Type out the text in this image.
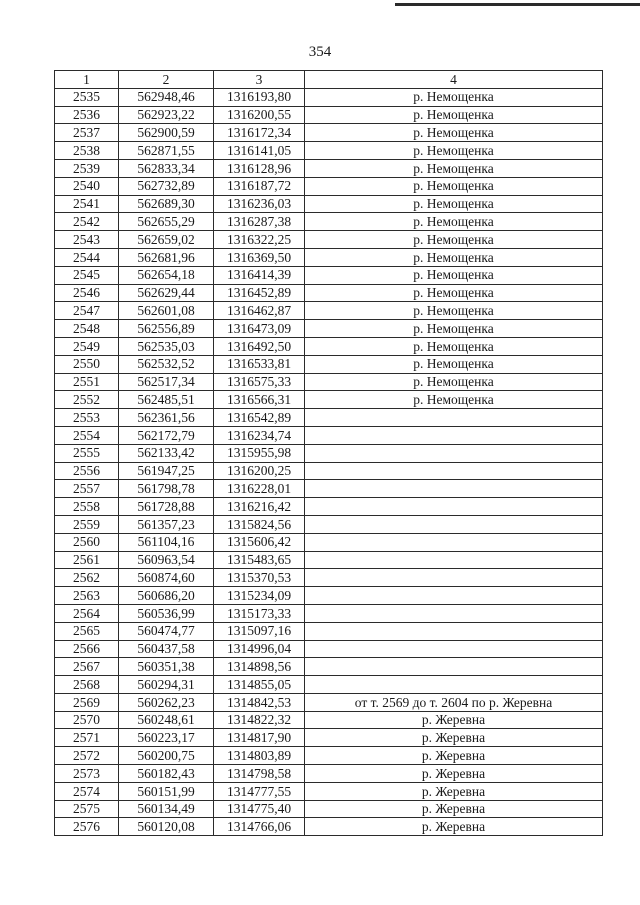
354
1	2	3	4
2535	562948,46	1316193,80	р. Немощенка
2536	562923,22	1316200,55	р. Немощенка
2537	562900,59	1316172,34	р. Немощенка
2538	562871,55	1316141,05	р. Немощенка
2539	562833,34	1316128,96	р. Немощенка
2540	562732,89	1316187,72	р. Немощенка
2541	562689,30	1316236,03	р. Немощенка
2542	562655,29	1316287,38	р. Немощенка
2543	562659,02	1316322,25	р. Немощенка
2544	562681,96	1316369,50	р. Немощенка
2545	562654,18	1316414,39	р. Немощенка
2546	562629,44	1316452,89	р. Немощенка
2547	562601,08	1316462,87	р. Немощенка
2548	562556,89	1316473,09	р. Немощенка
2549	562535,03	1316492,50	р. Немощенка
2550	562532,52	1316533,81	р. Немощенка
2551	562517,34	1316575,33	р. Немощенка
2552	562485,51	1316566,31	р. Немощенка
2553	562361,56	1316542,89	
2554	562172,79	1316234,74	
2555	562133,42	1315955,98	
2556	561947,25	1316200,25	
2557	561798,78	1316228,01	
2558	561728,88	1316216,42	
2559	561357,23	1315824,56	
2560	561104,16	1315606,42	
2561	560963,54	1315483,65	
2562	560874,60	1315370,53	
2563	560686,20	1315234,09	
2564	560536,99	1315173,33	
2565	560474,77	1315097,16	
2566	560437,58	1314996,04	
2567	560351,38	1314898,56	
2568	560294,31	1314855,05	
2569	560262,23	1314842,53	от т. 2569 до т. 2604 по р. Жеревна
2570	560248,61	1314822,32	р. Жеревна
2571	560223,17	1314817,90	р. Жеревна
2572	560200,75	1314803,89	р. Жеревна
2573	560182,43	1314798,58	р. Жеревна
2574	560151,99	1314777,55	р. Жеревна
2575	560134,49	1314775,40	р. Жеревна
2576	560120,08	1314766,06	р. Жеревна
